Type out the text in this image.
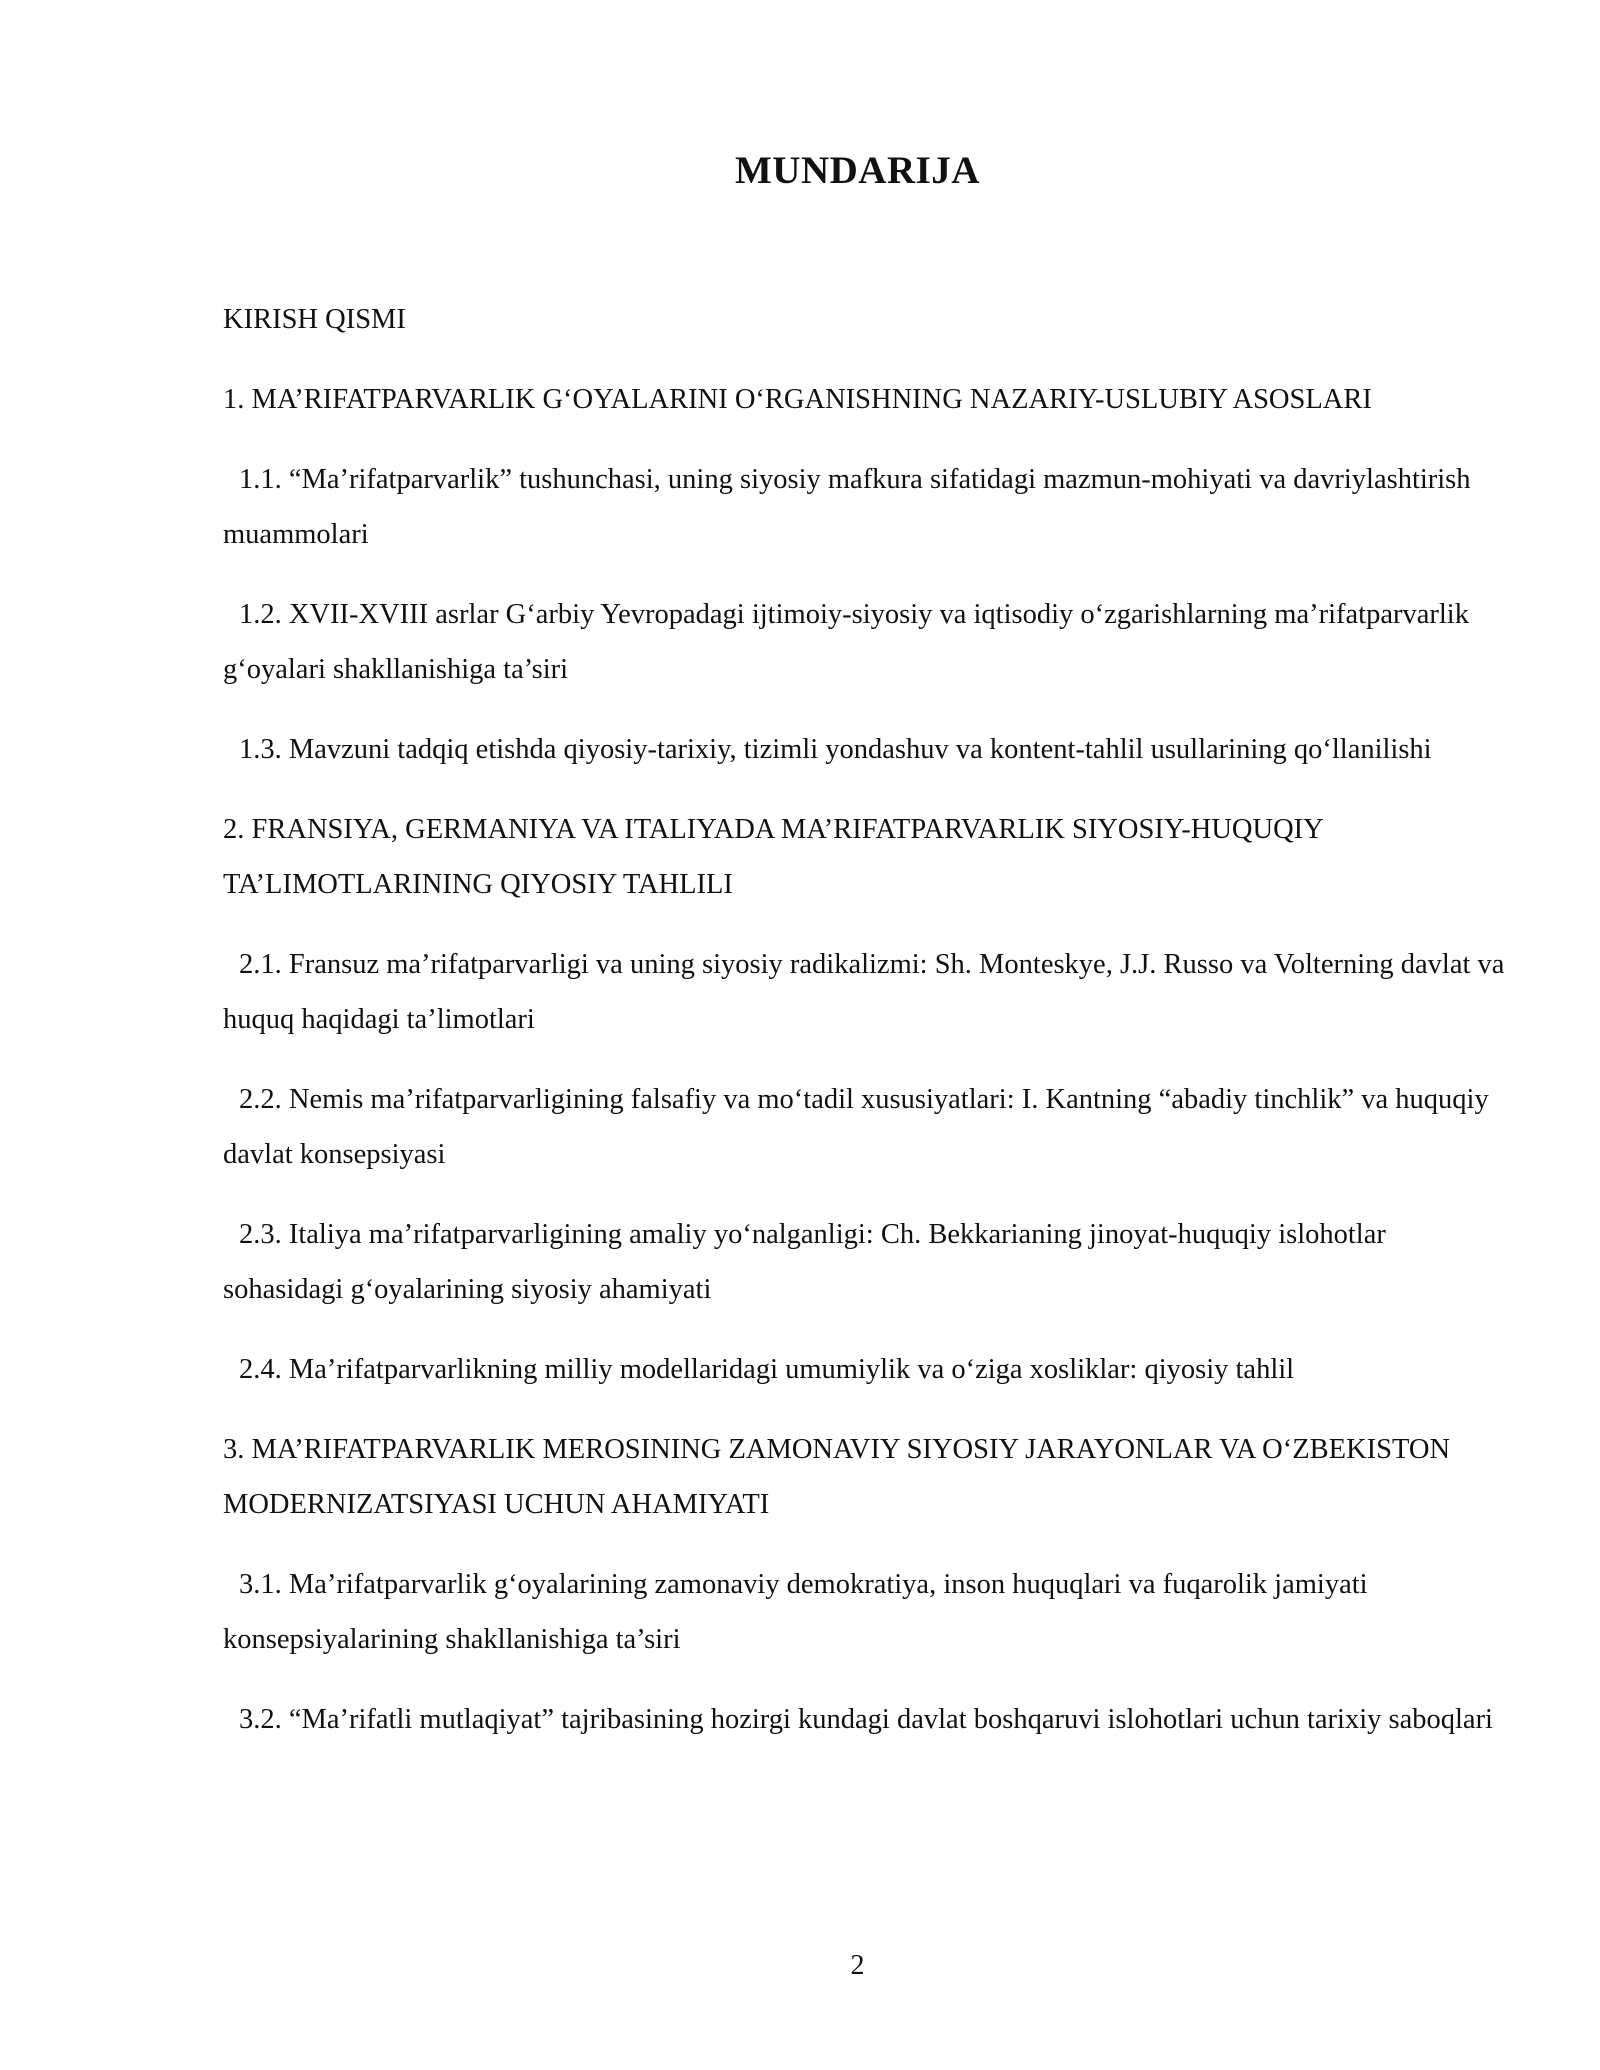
MUNDARIJA
KIRISH QISMI
1. MA’RIFATPARVARLIK G‘OYALARINI O‘RGANISHNING NAZARIY-USLUBIY ASOSLARI
1.1. “Ma’rifatparvarlik” tushunchasi, uning siyosiy mafkura sifatidagi mazmun-mohiyati va davriylashtirish muammolari
1.2. XVII-XVIII asrlar G‘arbiy Yevropadagi ijtimoiy-siyosiy va iqtisodiy o‘zgarishlarning ma’rifatparvarlik g‘oyalari shakllanishiga ta’siri
1.3. Mavzuni tadqiq etishda qiyosiy-tarixiy, tizimli yondashuv va kontent-tahlil usullarining qo‘llanilishi
2. FRANSIYA, GERMANIYA VA ITALIYADA MA’RIFATPARVARLIK SIYOSIY-HUQUQIY TA’LIMOTLARINING QIYOSIY TAHLILI
2.1. Fransuz ma’rifatparvarligi va uning siyosiy radikalizmi: Sh. Monteskye, J.J. Russo va Volterning davlat va huquq haqidagi ta’limotlari
2.2. Nemis ma’rifatparvarligining falsafiy va mo‘tadil xususiyatlari: I. Kantning “abadiy tinchlik” va huquqiy davlat konsepsiyasi
2.3. Italiya ma’rifatparvarligining amaliy yo‘nalganligi: Ch. Bekkarianing jinoyat-huquqiy islohotlar sohasidagi g‘oyalarining siyosiy ahamiyati
2.4. Ma’rifatparvarlikning milliy modellaridagi umumiylik va o‘ziga xosliklar: qiyosiy tahlil
3. MA’RIFATPARVARLIK MEROSINING ZAMONAVIY SIYOSIY JARAYONLAR VA O‘ZBEKISTON MODERNIZATSIYASI UCHUN AHAMIYATI
3.1. Ma’rifatparvarlik g‘oyalarining zamonaviy demokratiya, inson huquqlari va fuqarolik jamiyati konsepsiyalarining shakllanishiga ta’siri
3.2. “Ma’rifatli mutlaqiyat” tajribasining hozirgi kundagi davlat boshqaruvi islohotlari uchun tarixiy saboqlari
2
